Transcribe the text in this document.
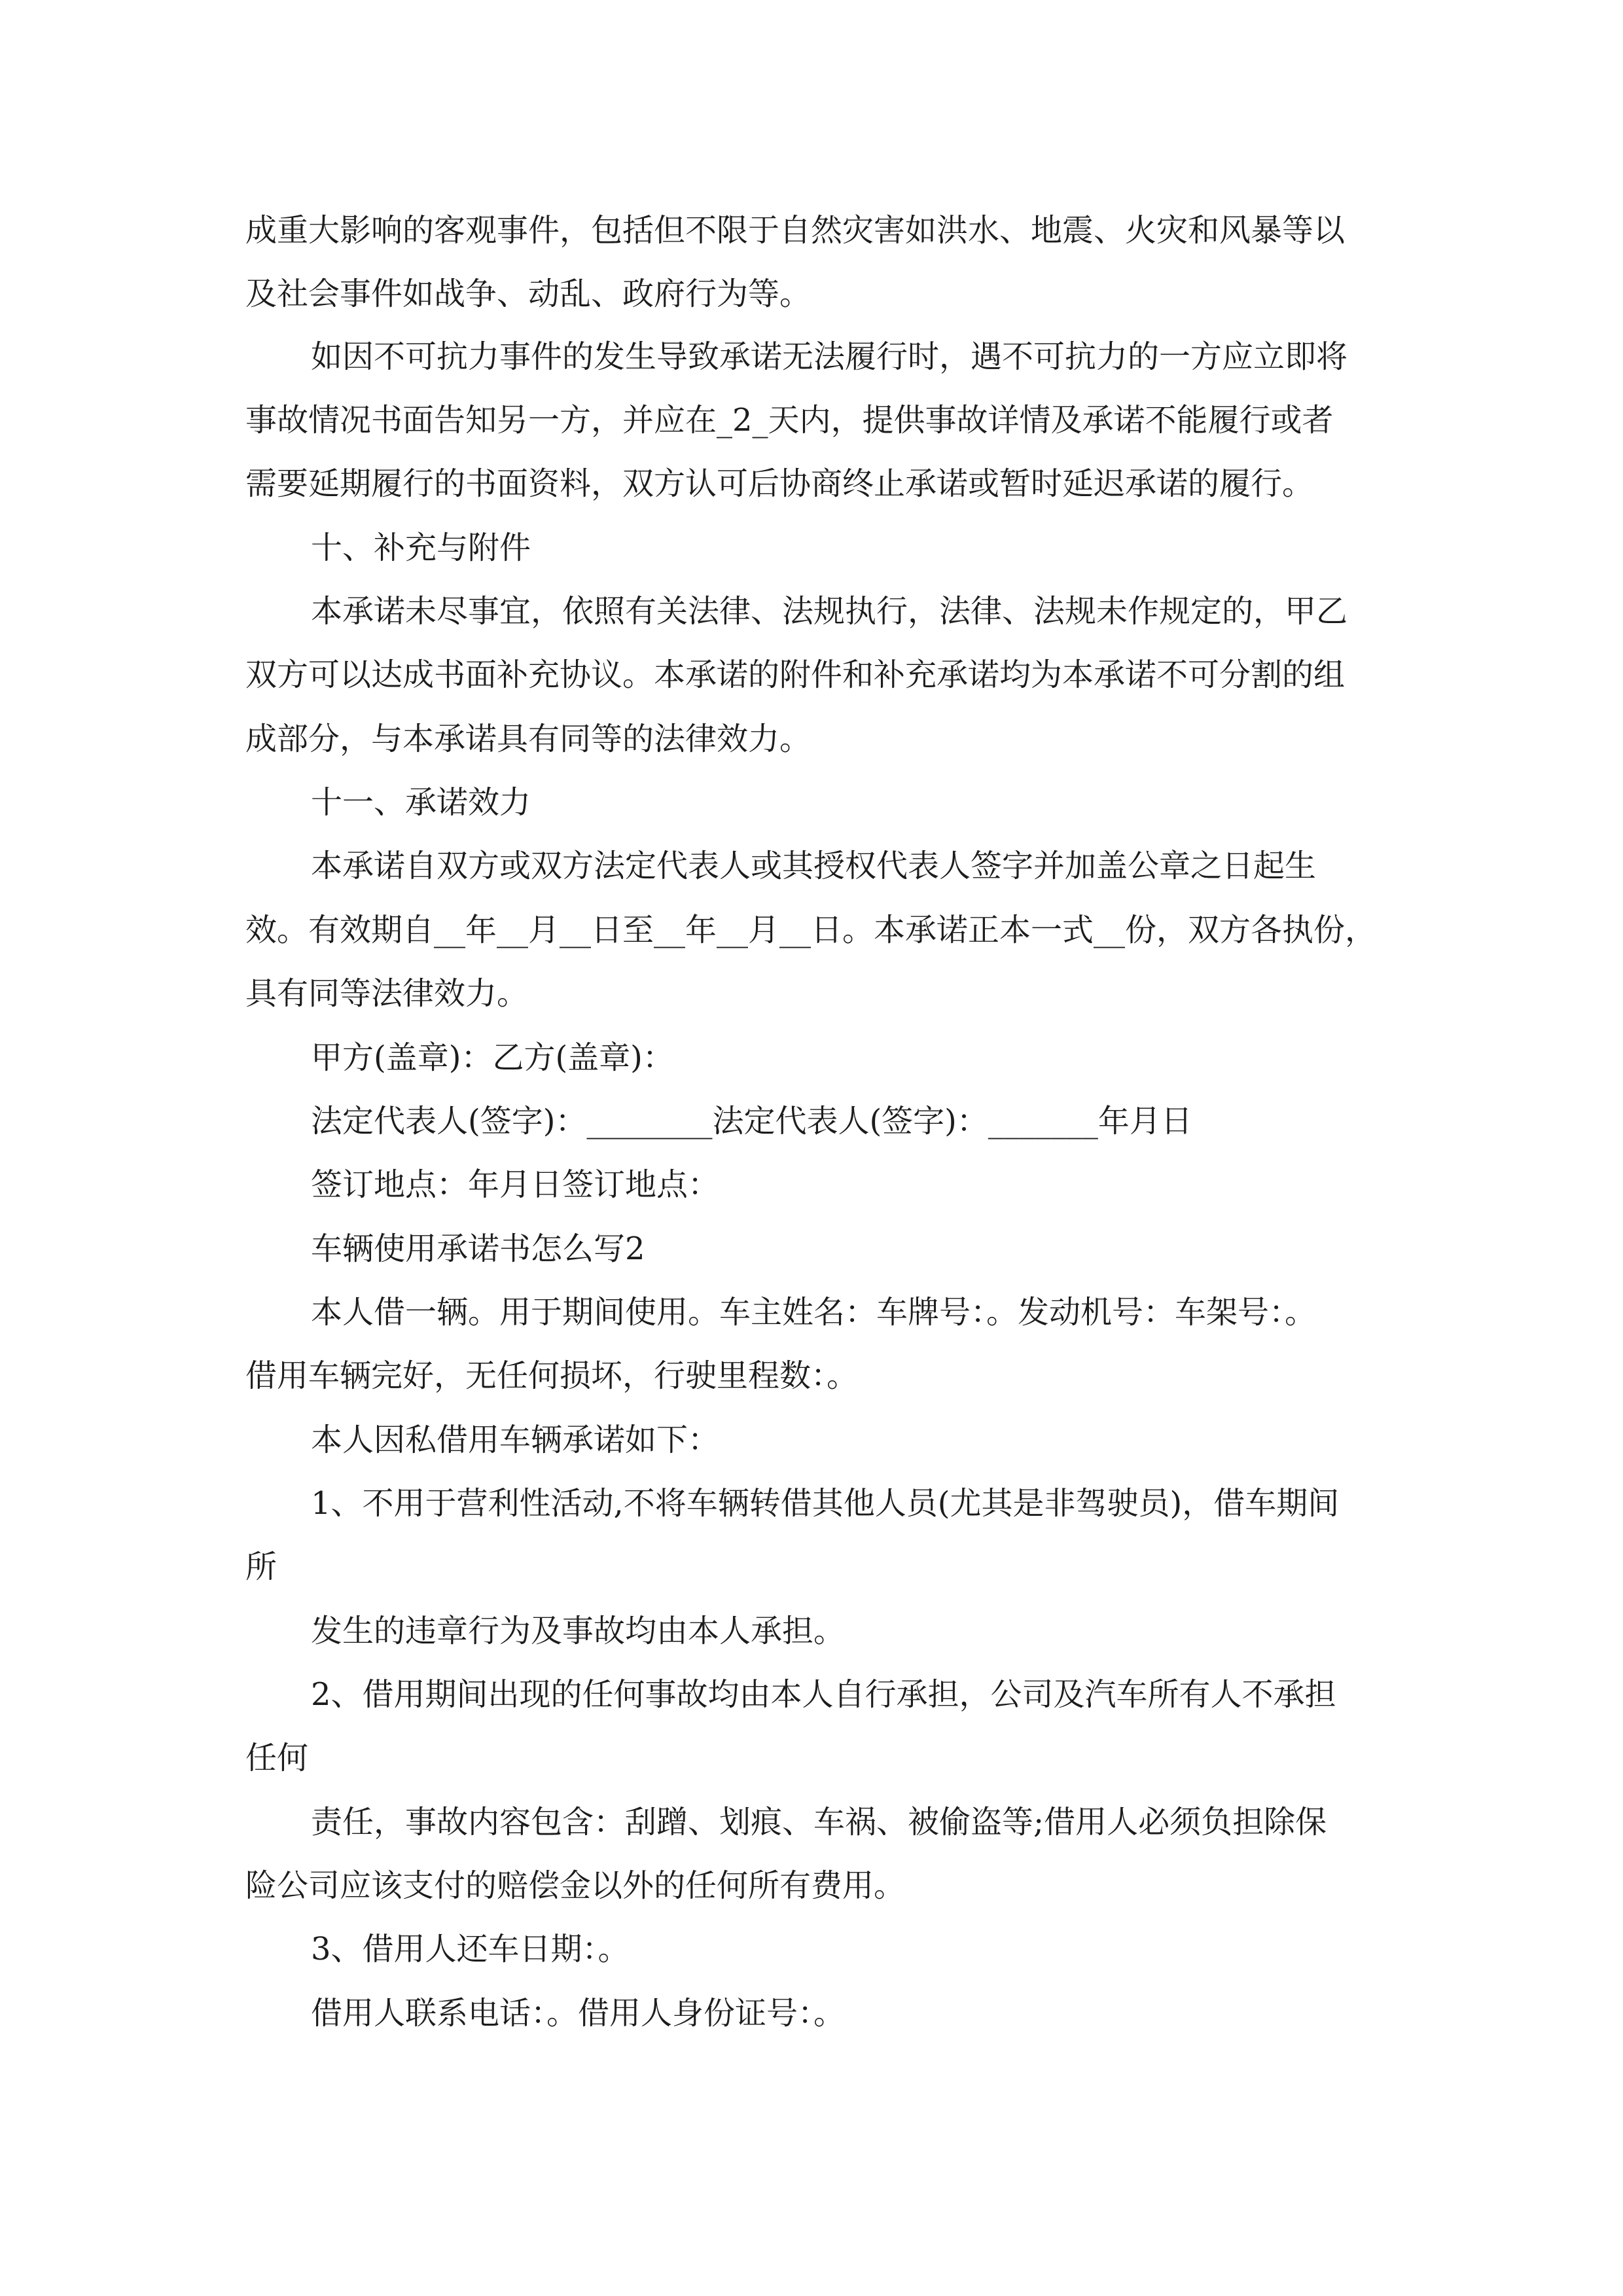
成重大影响的客观事件，包括但不限于自然灾害如洪水、地震、火灾和风暴等以
及社会事件如战争、动乱、政府行为等。
如因不可抗力事件的发生导致承诺无法履行时，遇不可抗力的一方应立即将
事故情况书面告知另一方，并应在_2_天内，提供事故详情及承诺不能履行或者
需要延期履行的书面资料，双方认可后协商终止承诺或暂时延迟承诺的履行。
十、补充与附件
本承诺未尽事宜，依照有关法律、法规执行，法律、法规未作规定的，甲乙
双方可以达成书面补充协议。本承诺的附件和补充承诺均为本承诺不可分割的组
成部分，与本承诺具有同等的法律效力。
十一、承诺效力
本承诺自双方或双方法定代表人或其授权代表人签字并加盖公章之日起生
效。有效期自__年__月__日至__年__月__日。本承诺正本一式__份，双方各执份，
具有同等法律效力。
甲方(盖章)：乙方(盖章)：
法定代表人(签字)：________法定代表人(签字)：_______年月日
签订地点：年月日签订地点：
车辆使用承诺书怎么写2
本人借一辆。用于期间使用。车主姓名：车牌号：。发动机号：车架号：。
借用车辆完好，无任何损坏，行驶里程数：。
本人因私借用车辆承诺如下：
1、不用于营利性活动,不将车辆转借其他人员(尤其是非驾驶员)，借车期间
所
发生的违章行为及事故均由本人承担。
2、借用期间出现的任何事故均由本人自行承担，公司及汽车所有人不承担
任何
责任，事故内容包含：刮蹭、划痕、车祸、被偷盗等;借用人必须负担除保
险公司应该支付的赔偿金以外的任何所有费用。
3、借用人还车日期：。
借用人联系电话：。借用人身份证号：。
